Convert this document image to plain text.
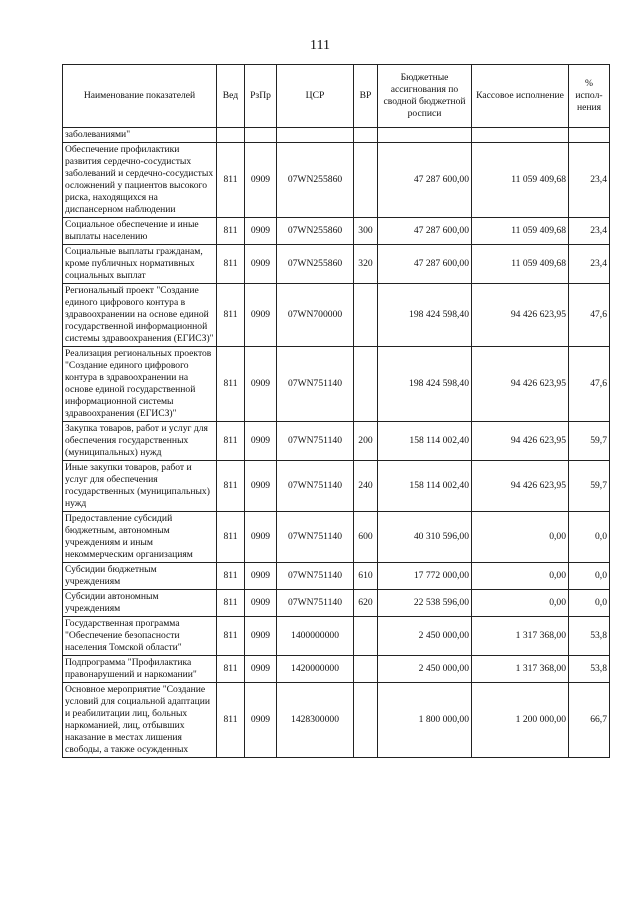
111
Наименование показателей	Вед	РзПр	ЦСР	ВР	Бюджетные ассигнования по сводной бюджетной росписи	Кассовое исполнение	% испол-нения
заболеваниями"							
Обеспечение профилактики развития сердечно-сосудистых заболеваний и сердечно-сосудистых осложнений у пациентов высокого риска, находящихся на диспансерном наблюдении	811	0909	07WN255860		47 287 600,00	11 059 409,68	23,4
Социальное обеспечение и иные выплаты населению	811	0909	07WN255860	300	47 287 600,00	11 059 409,68	23,4
Социальные выплаты гражданам, кроме публичных нормативных социальных выплат	811	0909	07WN255860	320	47 287 600,00	11 059 409,68	23,4
Региональный проект "Создание единого цифрового контура в здравоохранении на основе единой государственной информационной системы здравоохранения (ЕГИСЗ)"	811	0909	07WN700000		198 424 598,40	94 426 623,95	47,6
Реализация региональных проектов "Создание единого цифрового контура в здравоохранении на основе единой государственной информационной системы здравоохранения (ЕГИСЗ)"	811	0909	07WN751140		198 424 598,40	94 426 623,95	47,6
Закупка товаров, работ и услуг для обеспечения государственных (муниципальных) нужд	811	0909	07WN751140	200	158 114 002,40	94 426 623,95	59,7
Иные закупки товаров, работ и услуг для обеспечения государственных (муниципальных) нужд	811	0909	07WN751140	240	158 114 002,40	94 426 623,95	59,7
Предоставление субсидий бюджетным, автономным учреждениям и иным некоммерческим организациям	811	0909	07WN751140	600	40 310 596,00	0,00	0,0
Субсидии бюджетным учреждениям	811	0909	07WN751140	610	17 772 000,00	0,00	0,0
Субсидии автономным учреждениям	811	0909	07WN751140	620	22 538 596,00	0,00	0,0
Государственная программа "Обеспечение безопасности населения Томской области"	811	0909	1400000000		2 450 000,00	1 317 368,00	53,8
Подпрограмма "Профилактика правонарушений и наркомании"	811	0909	1420000000		2 450 000,00	1 317 368,00	53,8
Основное мероприятие "Создание условий для социальной адаптации и реабилитации лиц, больных наркоманией, лиц, отбывших наказание в местах лишения свободы, а также осужденных	811	0909	1428300000		1 800 000,00	1 200 000,00	66,7
